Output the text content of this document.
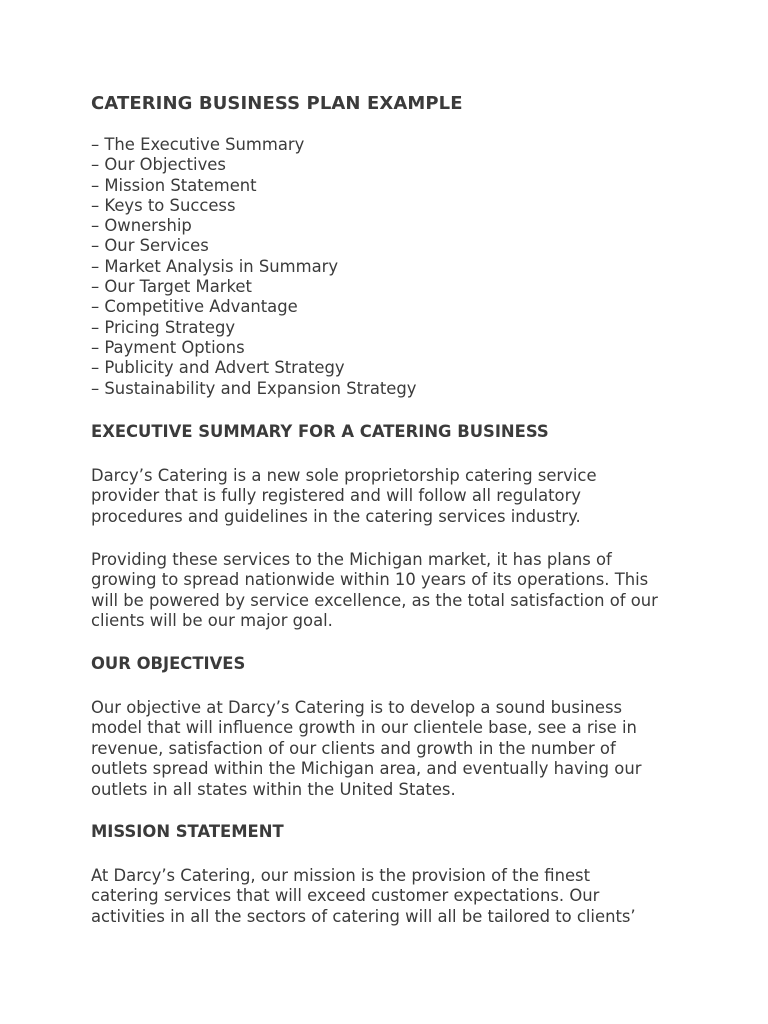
CATERING BUSINESS PLAN EXAMPLE
– The Executive Summary
– Our Objectives
– Mission Statement
– Keys to Success
– Ownership
– Our Services
– Market Analysis in Summary
– Our Target Market
– Competitive Advantage
– Pricing Strategy
– Payment Options
– Publicity and Advert Strategy
– Sustainability and Expansion Strategy
EXECUTIVE SUMMARY FOR A CATERING BUSINESS

Darcy’s Catering is a new sole proprietorship catering service
provider that is fully registered and will follow all regulatory
procedures and guidelines in the catering services industry.

Providing these services to the Michigan market, it has plans of
growing to spread nationwide within 10 years of its operations. This
will be powered by service excellence, as the total satisfaction of our
clients will be our major goal.

OUR OBJECTIVES

Our objective at Darcy’s Catering is to develop a sound business
model that will influence growth in our clientele base, see a rise in
revenue, satisfaction of our clients and growth in the number of
outlets spread within the Michigan area, and eventually having our
outlets in all states within the United States.

MISSION STATEMENT

At Darcy’s Catering, our mission is the provision of the finest
catering services that will exceed customer expectations. Our
activities in all the sectors of catering will all be tailored to clients’
